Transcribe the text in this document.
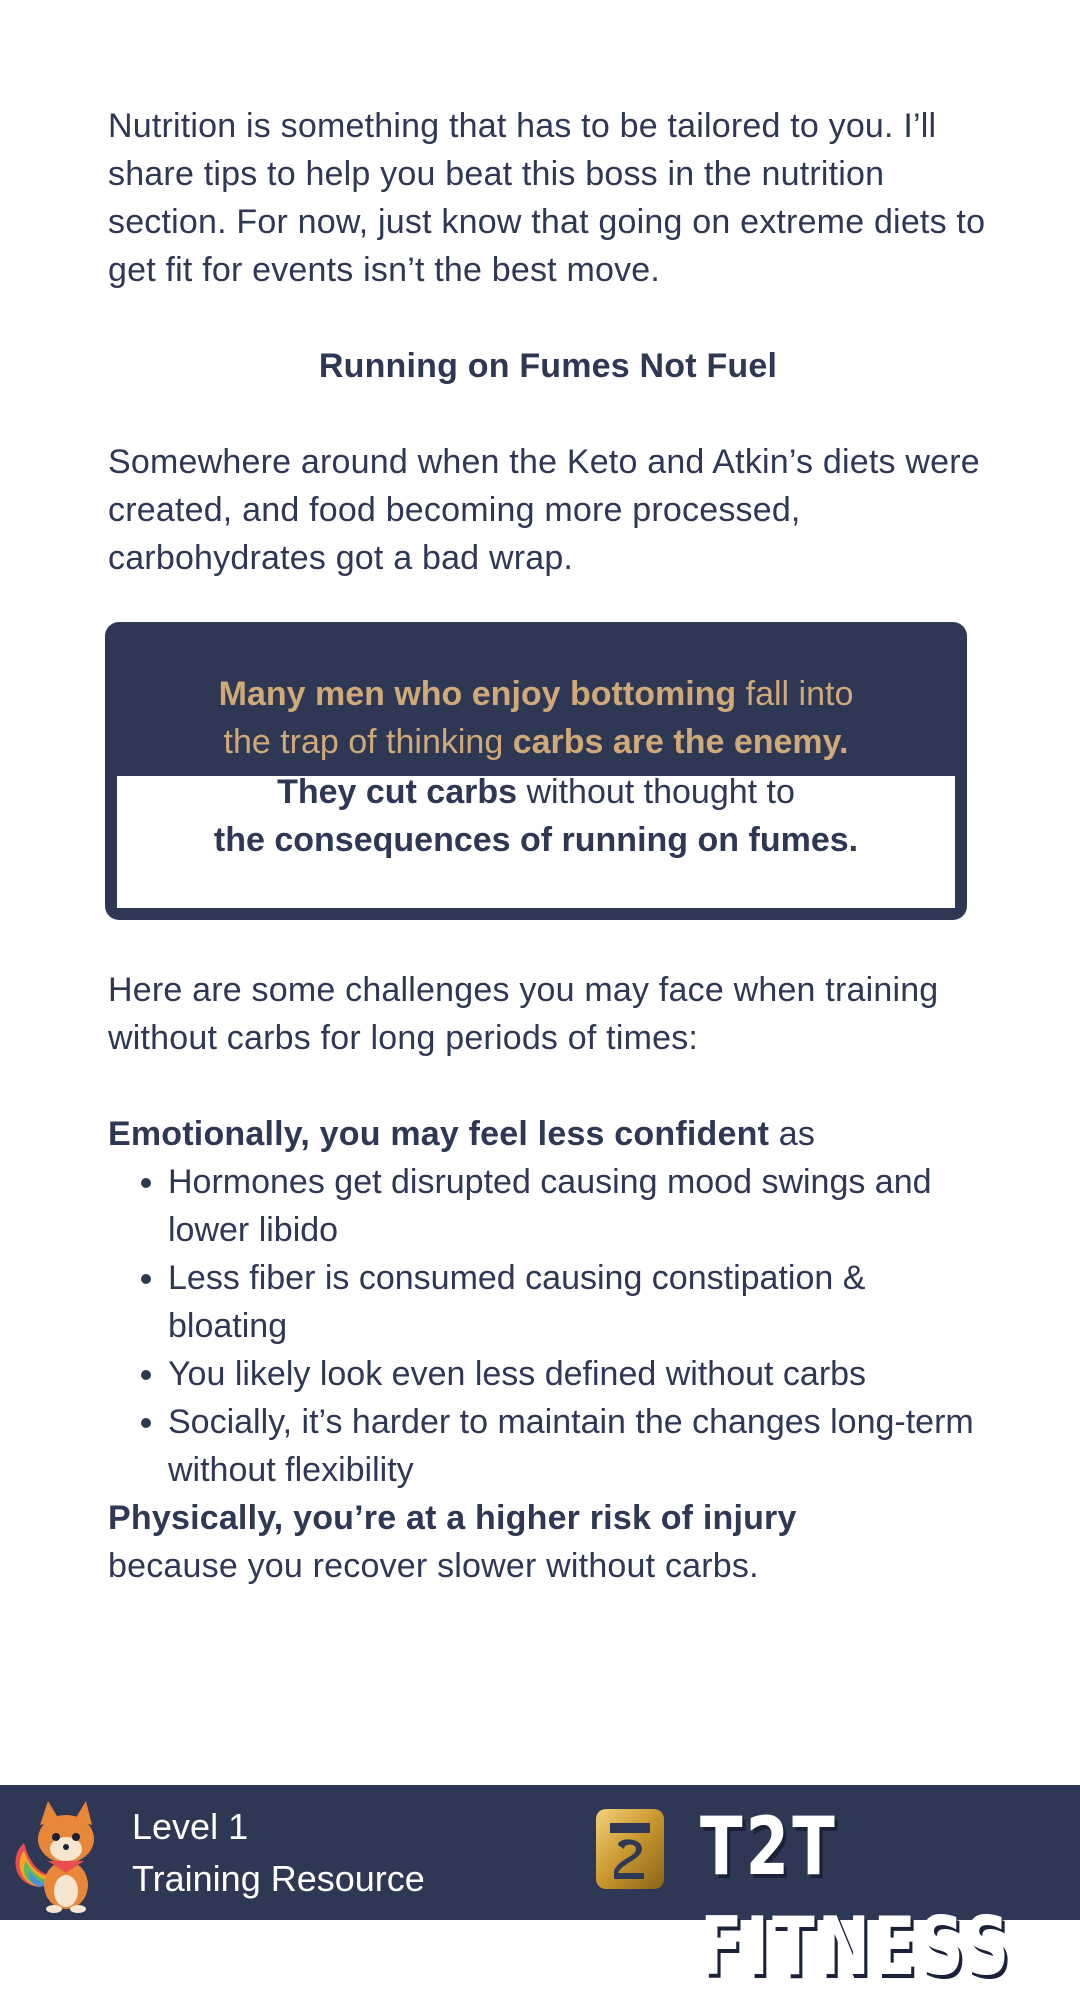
Nutrition is something that has to be tailored to you. I’ll share tips to help you beat this boss in the nutrition section. For now, just know that going on extreme diets to get fit for events isn’t the best move.

Running on Fumes Not Fuel

Somewhere around when the Keto and Atkin’s diets were created, and food becoming more processed, carbohydrates got a bad wrap.

Many men who enjoy bottoming fall into
the trap of thinking carbs are the enemy.
They cut carbs without thought to
the consequences of running on fumes.

Here are some challenges you may face when training without carbs for long periods of times:

Emotionally, you may feel less confident as

• Hormones get disrupted causing mood swings and lower libido
• Less fiber is consumed causing constipation & bloating
• You likely look even less defined without carbs
• Socially, it’s harder to maintain the changes long-term without flexibility

Physically, you’re at a higher risk of injury
because you recover slower without carbs.

Level 1
Training Resource	T2T FITNESS
